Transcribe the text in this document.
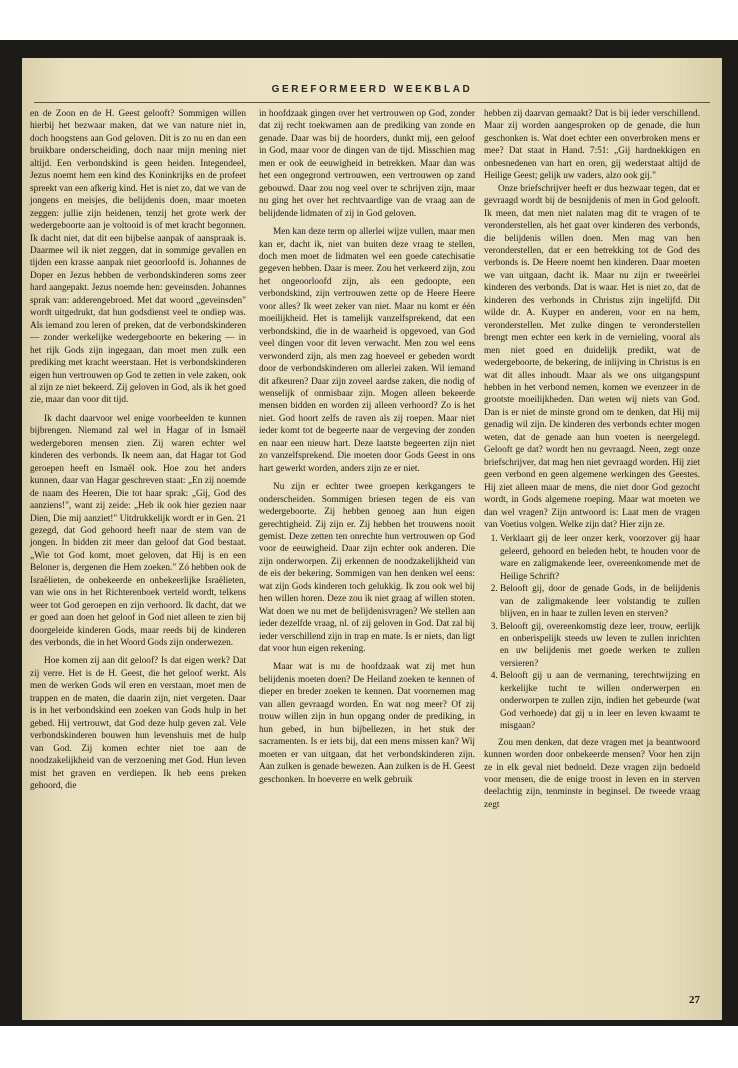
GEREFORMEERD WEEKBLAD

en de Zoon en de H. Geest gelooft? Sommigen willen hierbij het bezwaar maken, dat we van nature niet in, doch hoogstens aan God geloven. Dit is zo nu en dan een bruikbare onderscheiding, doch naar mijn mening niet altijd. Een verbondskind is geen heiden. Integendeel, Jezus noemt hem een kind des Koninkrijks en de profeet spreekt van een afkerig kind. Het is niet zo, dat we van de jongens en meisjes, die belijdenis doen, maar moeten zeggen: jullie zijn heidenen, tenzij het grote werk der wedergeboorte aan je voltooid is of met kracht begonnen. Ik dacht niet, dat dit een bijbelse aanpak of aanspraak is. Daarmee wil ik niet zeggen, dat in sommige gevallen en tijden een krasse aanpak niet geoorloofd is. Johannes de Doper en Jezus hebben de verbondskinderen soms zeer hard aangepakt. Jezus noemde hen: geveinsden. Johannes sprak van: adderengebroed. Met dat woord „geveinsden" wordt uitgedrukt, dat hun godsdienst veel te ondiep was. Als iemand zou leren of preken, dat de verbondskinderen — zonder werkelijke wedergeboorte en bekering — in het rijk Gods zijn ingegaan, dan moet men zulk een prediking met kracht weerstaan. Het is verbondskinderen eigen hun vertrouwen op God te zetten in vele zaken, ook al zijn ze niet bekeerd. Zij geloven in God, als ik het goed zie, maar dan voor dit tijd.

Ik dacht daarvoor wel enige voorbeelden te kunnen bijbrengen. Niemand zal wel in Hagar of in Ismaël wedergeboren mensen zien. Zij waren echter wel kinderen des verbonds. Ik neem aan, dat Hagar tot God geroepen heeft en Ismaël ook. Hoe zou het anders kunnen, daar van Hagar geschreven staat: „En zij noemde de naam des Heeren, Die tot haar sprak: „Gij, God des aanziens!", want zij zeide: „Heb ik ook hier gezien naar Dien, Die mij aanziet!" Uitdrukkelijk wordt er in Gen. 21 gezegd, dat God gehoord heeft naar de stem van de jongen. In bidden zit meer dan geloof dat God bestaat. „Wie tot God komt, moet geloven, dat Hij is en een Beloner is, dergenen die Hem zoeken." Zó hebben ook de Israëlieten, de onbekeerde en onbekeerlijke Israëlieten, van wie ons in het Richterenboek verteld wordt, telkens weer tot God geroepen en zijn verhoord. Ik dacht, dat we er goed aan doen het geloof in God niet alleen te zien bij doorgeleide kinderen Gods, maar reeds bij de kinderen des verbonds, die in het Woord Gods zijn onderwezen.

Hoe komen zij aan dit geloof? Is dat eigen werk? Dat zij verre. Het is de H. Geest, die het geloof werkt. Als men de werken Gods wil eren en verstaan, moet men de trappen en de maten, die daarin zijn, niet vergeten. Daar is in het verbondskind een zoeken van Gods hulp in het gebed. Hij vertrouwt, dat God deze hulp geven zal. Vele verbondskinderen bouwen hun levenshuis met de hulp van God. Zij komen echter niet toe aan de noodzakelijkheid van de verzoening met God. Hun leven mist het graven en verdiepen. Ik heb eens preken gehoord, die

in hoofdzaak gingen over het vertrouwen op God, zonder dat zij recht toekwamen aan de prediking van zonde en genade. Daar was bij de hoorders, dunkt mij, een geloof in God, maar voor de dingen van de tijd. Misschien mag men er ook de eeuwigheid in betrekken. Maar dan was het een ongegrond vertrouwen, een vertrouwen op zand gebouwd. Daar zou nog veel over te schrijven zijn, maar nu ging het over het rechtvaardige van de vraag aan de belijdende lidmaten of zij in God geloven.

Men kan deze term op allerlei wijze vullen, maar men kan er, dacht ik, niet van buiten deze vraag te stellen, doch men moet de lidmaten wel een goede catechisatie gegeven hebben. Daar is meer. Zou het verkeerd zijn, zou het ongeoorloofd zijn, als een gedoopte, een verbondskind, zijn vertrouwen zette op de Heere Heere voor alles? Ik weet zeker van niet. Maar nu komt er één moeilijkheid. Het is tamelijk vanzelfsprekend, dat een verbondskind, die in de waarheid is opgevoed, van God veel dingen voor dit leven verwacht. Men zou wel eens verwonderd zijn, als men zag hoeveel er gebeden wordt door de verbondskinderen om allerlei zaken. Wil iemand dit afkeuren? Daar zijn zoveel aardse zaken, die nodig of wenselijk of onmisbaar zijn. Mogen alleen bekeerde mensen bidden en worden zij alleen verhoord? Zo is het niet. God hoort zelfs de raven als zij roepen. Maar niet ieder komt tot de begeerte naar de vergeving der zonden en naar een nieuw hart. Deze laatste begeerten zijn niet zo vanzelfsprekend. Die moeten door Gods Geest in ons hart gewerkt worden, anders zijn ze er niet.

Nu zijn er echter twee groepen kerkgangers te onderscheiden. Sommigen briesen tegen de eis van wedergeboorte. Zij hebben genoeg aan hun eigen gerechtigheid. Zij zijn er. Zij hebben het trouwens nooit gemist. Deze zetten ten onrechte hun vertrouwen op God voor de eeuwigheid. Daar zijn echter ook anderen. Die zijn onderworpen. Zij erkennen de noodzakelijkheid van de eis der bekering. Sommigen van hen denken wel eens: wat zijn Gods kinderen toch gelukkig. Ik zou ook wel bij hen willen horen. Deze zou ik niet graag af willen stoten. Wat doen we nu met de belijdenisvragen? We stellen aan ieder dezelfde vraag, nl. of zij geloven in God. Dat zal bij ieder verschillend zijn in trap en mate. Is er niets, dan ligt dat voor hun eigen rekening.

Maar wat is nu de hoofdzaak wat zij met hun belijdenis moeten doen? De Heiland zoeken te kennen of dieper en breder zoeken te kennen. Dat voornemen mag van allen gevraagd worden. En wat nog meer? Of zij trouw willen zijn in hun opgang onder de prediking, in hun gebed, in hun bijbellezen, in het stuk der sacramenten. Is er iets bij, dat een mens missen kan? Wij moeten er van uitgaan, dat het verbondskinderen zijn. Aan zulken is genade bewezen. Aan zulken is de H. Geest geschonken. In hoeverre en welk gebruik

hebben zij daarvan gemaakt? Dat is bij ieder verschillend. Maar zij worden aangesproken op de genade, die hun geschonken is. Wat doet echter een onverbroken mens er mee? Dat staat in Hand. 7:51: „Gij hardnekkigen en onbesnedenen van hart en oren, gij wederstaat altijd de Heilige Geest; gelijk uw vaders, alzo ook gij."

Onze briefschrijver heeft er dus bezwaar tegen, dat er gevraagd wordt bij de besnijdenis of men in God gelooft. Ik meen, dat men niet nalaten mag dit te vragen of te veronderstellen, als het gaat over kinderen des verbonds, die belijdenis willen doen. Men mag van hen veronderstellen, dat er een betrekking tot de God des verbonds is. De Heere noemt hen kinderen. Daar moeten we van uitgaan, dacht ik. Maar nu zijn er tweeërlei kinderen des verbonds. Dat is waar. Het is niet zo, dat de kinderen des verbonds in Christus zijn ingelijfd. Dit wilde dr. A. Kuyper en anderen, voor en na hem, veronderstellen. Met zulke dingen te veronderstellen brengt men echter een kerk in de vernieling, vooral als men niet goed en duidelijk predikt, wat de wedergeboorte, de bekering, de inlijving in Christus is en wat dit alles inhoudt. Maar als we ons uitgangspunt hebben in het verbond nemen, komen we evenzeer in de grootste moeilijkheden. Dan weten wij niets van God. Dan is er niet de minste grond om te denken, dat Hij mij genadig wil zijn. De kinderen des verbonds echter mogen weten, dat de genade aan hun voeten is neergelegd. Gelooft ge dat? wordt hen nu gevraagd. Neen, zegt onze briefschrijver, dat mag hen niet gevraagd worden. Hij ziet geen verbond en geen algemene werkingen des Geestes. Hij ziet alleen maar de mens, die niet door God gezocht wordt, in Gods algemene roeping. Maar wat moeten we dan wel vragen? Zijn antwoord is: Laat men de vragen van Voetius volgen. Welke zijn dat? Hier zijn ze.

1. Verklaart gij de leer onzer kerk, voorzover gij haar geleerd, gehoord en beleden hebt, te houden voor de ware en zaligmakende leer, overeenkomende met de Heilige Schrift?
2. Belooft gij, door de genade Gods, in de belijdenis van de zaligmakende leer volstandig te zullen blijven, en in haar te zullen leven en sterven?
3. Belooft gij, overeenkomstig deze leer, trouw, eerlijk en onberispelijk steeds uw leven te zullen inrichten en uw belijdenis met goede werken te zullen versieren?
4. Belooft gij u aan de vermaning, terechtwijzing en kerkelijke tucht te willen onderwerpen en onderworpen te zullen zijn, indien het gebeurde (wat God verhoede) dat gij u in leer en leven kwaamt te misgaan?

Zou men denken, dat deze vragen met ja beantwoord kunnen worden door onbekeerde mensen? Voor hen zijn ze in elk geval niet bedoeld. Deze vragen zijn bedoeld voor mensen, die de enige troost in leven en in sterven deelachtig zijn, tenminste in beginsel. De tweede vraag zegt

27
